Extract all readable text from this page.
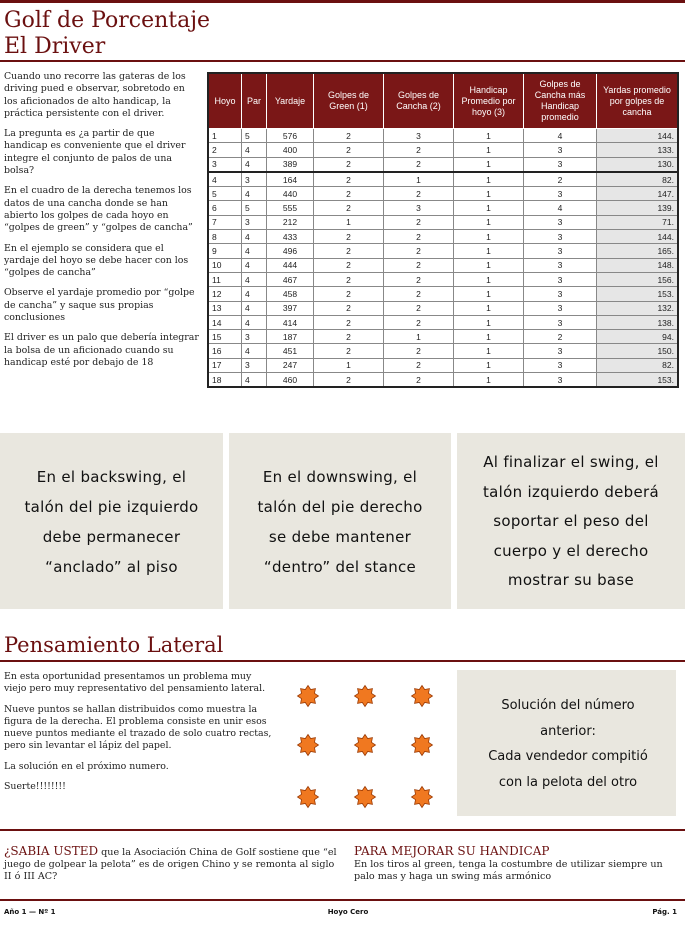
Golf de Porcentaje
El Driver

Cuando uno recorre las gateras de los driving pued e observar, sobretodo en los aficionados de alto handicap, la práctica persistente con el driver.

La pregunta es ¿a partir de que handicap es conveniente que el driver integre el conjunto de palos de una bolsa?

En el cuadro de la derecha tenemos los datos de una cancha donde se han abierto los golpes de cada hoyo en “golpes de green” y “golpes de cancha”

En el ejemplo se considera que el yardaje del hoyo se debe hacer con los “golpes de cancha”

Observe el yardaje promedio por “golpe de cancha” y saque sus propias conclusiones

El driver es un palo que debería integrar la bolsa de un aficionado cuando su handicap esté por debajo de 18

Hoyo	Par	Yardaje	Golpes de Green (1)	Golpes de Cancha (2)	Handicap Promedio por hoyo (3)	Golpes de Cancha más Handicap promedio	Yardas promedio por golpes de cancha
1	5	576	2	3	1	4	144.
2	4	400	2	2	1	3	133.
3	4	389	2	2	1	3	130.
4	3	164	2	1	1	2	82.
5	4	440	2	2	1	3	147.
6	5	555	2	3	1	4	139.
7	3	212	1	2	1	3	71.
8	4	433	2	2	1	3	144.
9	4	496	2	2	1	3	165.
10	4	444	2	2	1	3	148.
11	4	467	2	2	1	3	156.
12	4	458	2	2	1	3	153.
13	4	397	2	2	1	3	132.
14	4	414	2	2	1	3	138.
15	3	187	2	1	1	2	94.
16	4	451	2	2	1	3	150.
17	3	247	1	2	1	3	82.
18	4	460	2	2	1	3	153.
En el backswing, el
talón del pie izquierdo
debe permanecer
“anclado” al piso
En el downswing, el
talón del pie derecho
se debe mantener
“dentro” del stance
Al finalizar el swing, el
talón izquierdo deberá
soportar el peso del
cuerpo y el derecho
mostrar su base
Pensamiento Lateral

En esta oportunidad presentamos un problema muy viejo pero muy representativo del pensamiento lateral.

Nueve puntos se hallan distribuidos como muestra la figura de la derecha. El problema consiste en unir esos nueve puntos mediante el trazado de solo cuatro rectas, pero sin levantar el lápiz del papel.

La solución en el próximo numero.

Suerte!!!!!!!!

Solución del número
anterior:
Cada vendedor compitió
con la pelota del otro
¿SABIA USTED que la Asociación China de Golf sostiene que “el juego de golpear la pelota” es de origen Chino y se remonta al siglo II ó III AC?
PARA MEJORAR SU HANDICAP
En los tiros al green, tenga la costumbre de utilizar siempre un palo mas y haga un swing más armónico
Año 1 — Nº 1	Hoyo Cero	Pág. 1
